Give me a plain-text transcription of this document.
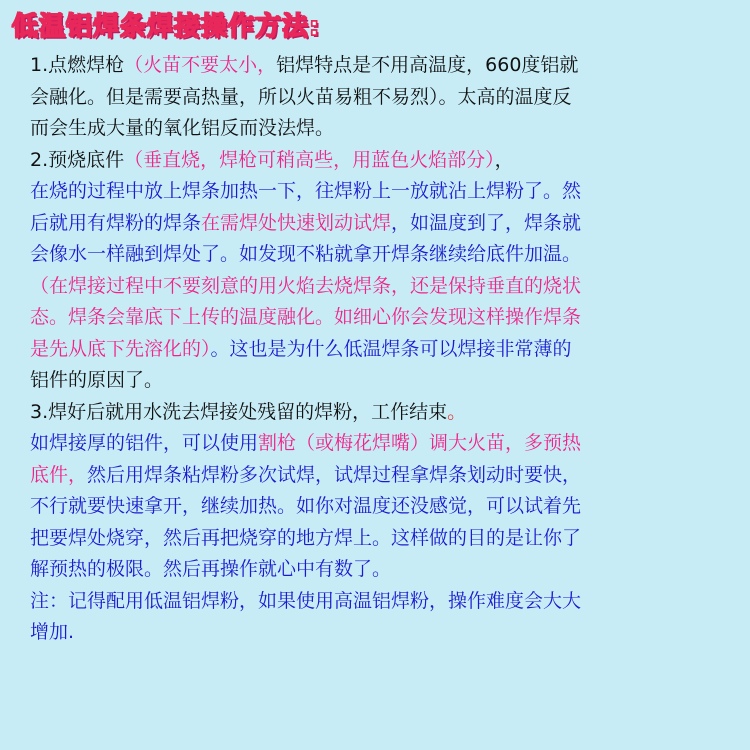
低温铝焊条焊接操作方法:
1.点燃焊枪（火苗不要太小，铝焊特点是不用高温度，660度铝就
会融化。但是需要高热量，所以火苗易粗不易烈）。太高的温度反
而会生成大量的氧化铝反而没法焊。
2.预烧底件（垂直烧，焊枪可稍高些，用蓝色火焰部分），
在烧的过程中放上焊条加热一下，往焊粉上一放就沾上焊粉了。然
后就用有焊粉的焊条在需焊处快速划动试焊，如温度到了，焊条就
会像水一样融到焊处了。如发现不粘就拿开焊条继续给底件加温。
（在焊接过程中不要刻意的用火焰去烧焊条，还是保持垂直的烧状
态。焊条会靠底下上传的温度融化。如细心你会发现这样操作焊条
是先从底下先溶化的）。这也是为什么低温焊条可以焊接非常薄的
铝件的原因了。
3.焊好后就用水洗去焊接处残留的焊粉，工作结束。
如焊接厚的铝件，可以使用割枪（或梅花焊嘴）调大火苗，多预热
底件，然后用焊条粘焊粉多次试焊，试焊过程拿焊条划动时要快，
不行就要快速拿开，继续加热。如你对温度还没感觉，可以试着先
把要焊处烧穿，然后再把烧穿的地方焊上。这样做的目的是让你了
解预热的极限。然后再操作就心中有数了。
注：记得配用低温铝焊粉，如果使用高温铝焊粉，操作难度会大大
增加.
